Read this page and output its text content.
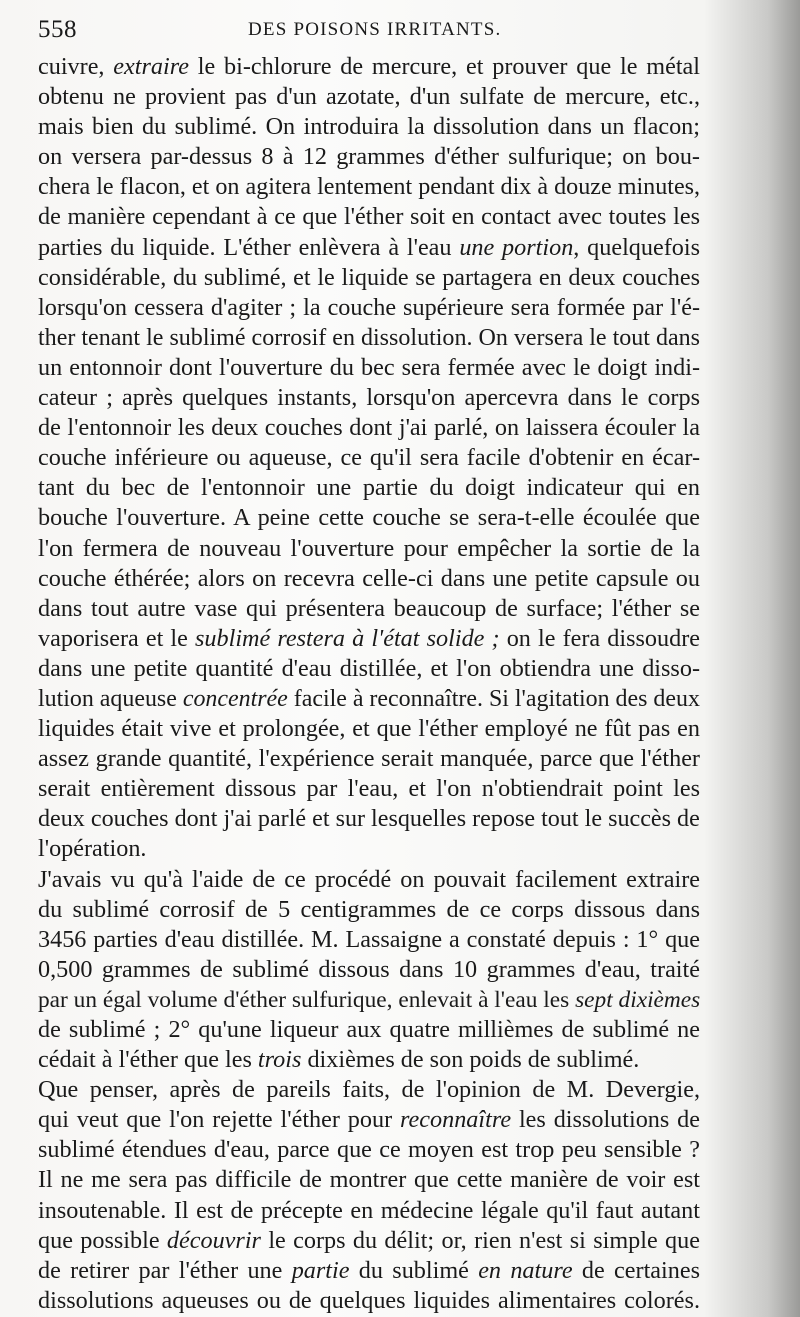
558	DES POISONS IRRITANTS.
cuivre, extraire le bi-chlorure de mercure, et prouver que le métal
obtenu ne provient pas d'un azotate, d'un sulfate de mercure, etc.,
mais bien du sublimé. On introduira la dissolution dans un flacon;
on versera par-dessus 8 à 12 grammes d'éther sulfurique; on bou-
chera le flacon, et on agitera lentement pendant dix à douze minutes,
de manière cependant à ce que l'éther soit en contact avec toutes les
parties du liquide. L'éther enlèvera à l'eau une portion, quelquefois
considérable, du sublimé, et le liquide se partagera en deux couches
lorsqu'on cessera d'agiter ; la couche supérieure sera formée par l'é-
ther tenant le sublimé corrosif en dissolution. On versera le tout dans
un entonnoir dont l'ouverture du bec sera fermée avec le doigt indi-
cateur ; après quelques instants, lorsqu'on apercevra dans le corps
de l'entonnoir les deux couches dont j'ai parlé, on laissera écouler la
couche inférieure ou aqueuse, ce qu'il sera facile d'obtenir en écar-
tant du bec de l'entonnoir une partie du doigt indicateur qui en
bouche l'ouverture. A peine cette couche se sera-t-elle écoulée que
l'on fermera de nouveau l'ouverture pour empêcher la sortie de la
couche éthérée; alors on recevra celle-ci dans une petite capsule ou
dans tout autre vase qui présentera beaucoup de surface; l'éther se
vaporisera et le sublimé restera à l'état solide ; on le fera dissoudre
dans une petite quantité d'eau distillée, et l'on obtiendra une disso-
lution aqueuse concentrée facile à reconnaître. Si l'agitation des deux
liquides était vive et prolongée, et que l'éther employé ne fût pas en
assez grande quantité, l'expérience serait manquée, parce que l'éther
serait entièrement dissous par l'eau, et l'on n'obtiendrait point les
deux couches dont j'ai parlé et sur lesquelles repose tout le succès de
l'opération.
J'avais vu qu'à l'aide de ce procédé on pouvait facilement extraire
du sublimé corrosif de 5 centigrammes de ce corps dissous dans
3456 parties d'eau distillée. M. Lassaigne a constaté depuis : 1° que
0,500 grammes de sublimé dissous dans 10 grammes d'eau, traité
par un égal volume d'éther sulfurique, enlevait à l'eau les sept dixièmes
de sublimé ; 2° qu'une liqueur aux quatre millièmes de sublimé ne
cédait à l'éther que les trois dixièmes de son poids de sublimé.
Que penser, après de pareils faits, de l'opinion de M. Devergie,
qui veut que l'on rejette l'éther pour reconnaître les dissolutions de
sublimé étendues d'eau, parce que ce moyen est trop peu sensible ?
Il ne me sera pas difficile de montrer que cette manière de voir est
insoutenable. Il est de précepte en médecine légale qu'il faut autant
que possible découvrir le corps du délit; or, rien n'est si simple que
de retirer par l'éther une partie du sublimé en nature de certaines
dissolutions aqueuses ou de quelques liquides alimentaires colorés.
